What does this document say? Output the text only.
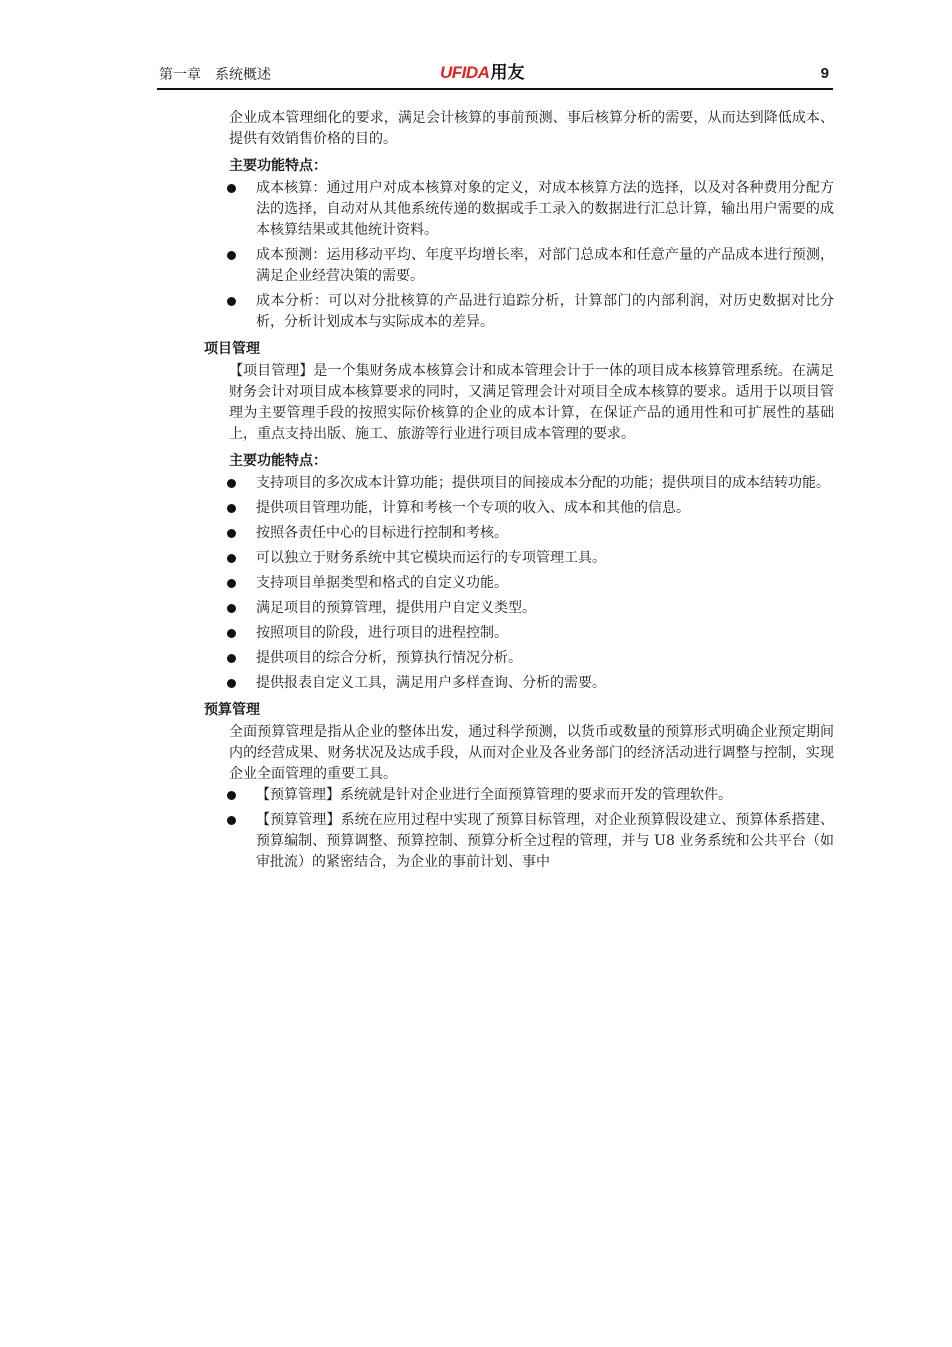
第一章　系统概述	UFIDA用友	9

企业成本管理细化的要求，满足会计核算的事前预测、事后核算分析的需要，从而达到降低成本、提供有效销售价格的目的。

主要功能特点：
成本核算：通过用户对成本核算对象的定义，对成本核算方法的选择，以及对各种费用分配方法的选择，自动对从其他系统传递的数据或手工录入的数据进行汇总计算，输出用户需要的成本核算结果或其他统计资料。
成本预测：运用移动平均、年度平均增长率，对部门总成本和任意产量的产品成本进行预测，满足企业经营决策的需要。
成本分析：可以对分批核算的产品进行追踪分析，计算部门的内部利润，对历史数据对比分析，分析计划成本与实际成本的差异。
项目管理

【项目管理】是一个集财务成本核算会计和成本管理会计于一体的项目成本核算管理系统。在满足财务会计对项目成本核算要求的同时，又满足管理会计对项目全成本核算的要求。适用于以项目管理为主要管理手段的按照实际价核算的企业的成本计算，在保证产品的通用性和可扩展性的基础上，重点支持出版、施工、旅游等行业进行项目成本管理的要求。

主要功能特点：
支持项目的多次成本计算功能；提供项目的间接成本分配的功能；提供项目的成本结转功能。
提供项目管理功能，计算和考核一个专项的收入、成本和其他的信息。
按照各责任中心的目标进行控制和考核。
可以独立于财务系统中其它模块而运行的专项管理工具。
支持项目单据类型和格式的自定义功能。
满足项目的预算管理，提供用户自定义类型。
按照项目的阶段，进行项目的进程控制。
提供项目的综合分析，预算执行情况分析。
提供报表自定义工具，满足用户多样查询、分析的需要。
预算管理

全面预算管理是指从企业的整体出发，通过科学预测，以货币或数量的预算形式明确企业预定期间内的经营成果、财务状况及达成手段，从而对企业及各业务部门的经济活动进行调整与控制，实现企业全面管理的重要工具。

【预算管理】系统就是针对企业进行全面预算管理的要求而开发的管理软件。
【预算管理】系统在应用过程中实现了预算目标管理，对企业预算假设建立、预算体系搭建、预算编制、预算调整、预算控制、预算分析全过程的管理，并与 U8 业务系统和公共平台（如审批流）的紧密结合，为企业的事前计划、事中
